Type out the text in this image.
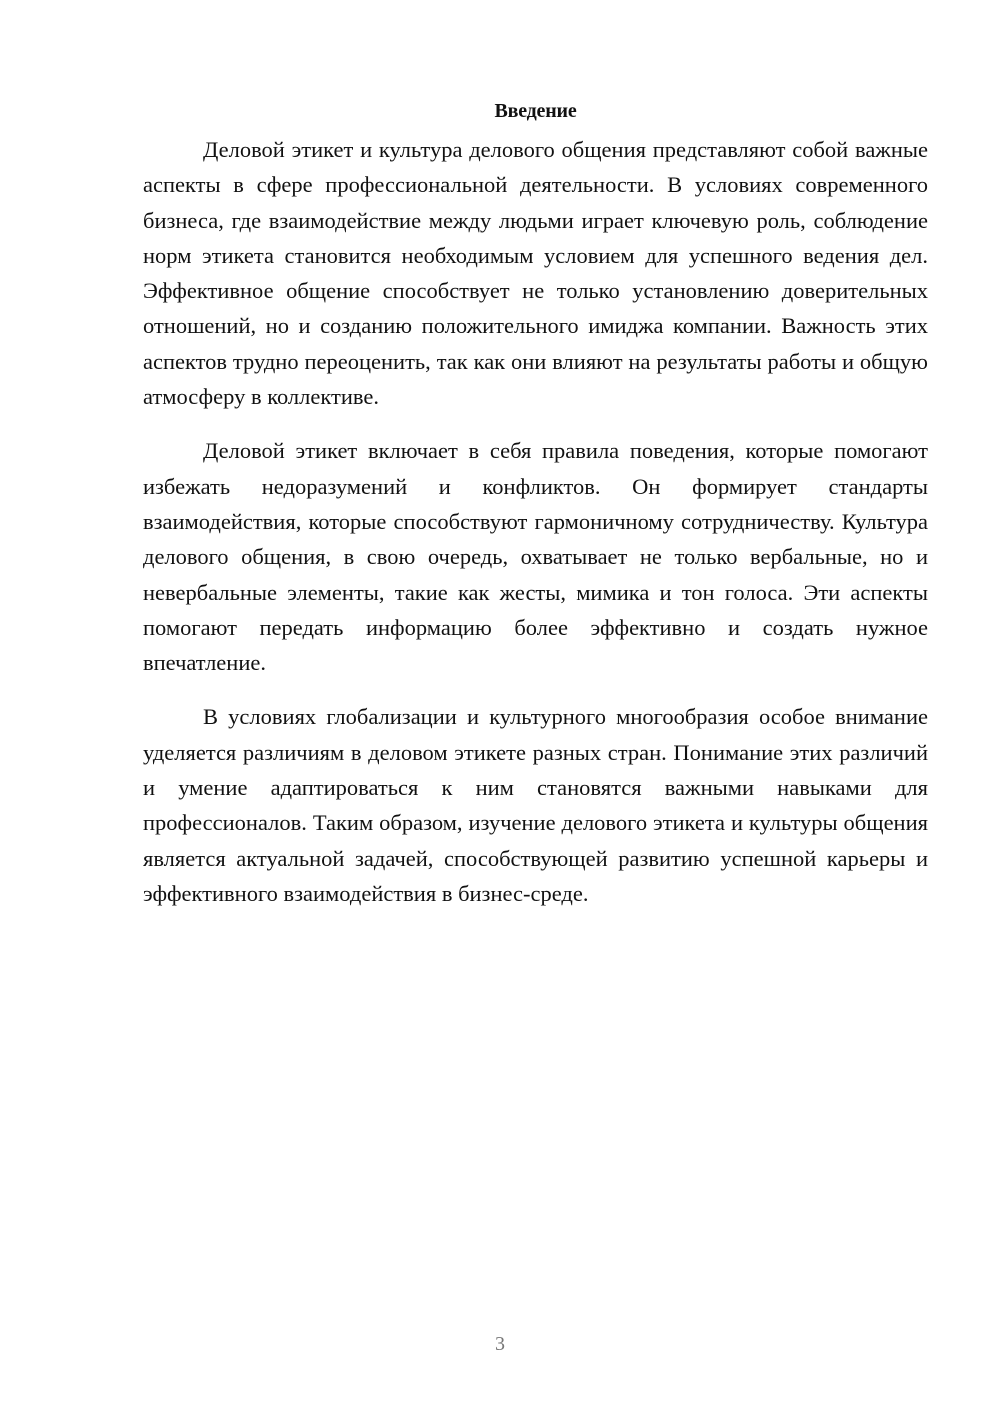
Введение

Деловой этикет и культура делового общения представляют собой важные аспекты в сфере профессиональной деятельности. В условиях современного бизнеса, где взаимодействие между людьми играет ключевую роль, соблюдение норм этикета становится необходимым условием для успешного ведения дел. Эффективное общение способствует не только установлению доверительных отношений, но и созданию положительного имиджа компании. Важность этих аспектов трудно переоценить, так как они влияют на результаты работы и общую атмосферу в коллективе.

Деловой этикет включает в себя правила поведения, которые помогают избежать недоразумений и конфликтов. Он формирует стандарты взаимодействия, которые способствуют гармоничному сотрудничеству. Культура делового общения, в свою очередь, охватывает не только вербальные, но и невербальные элементы, такие как жесты, мимика и тон голоса. Эти аспекты помогают передать информацию более эффективно и создать нужное впечатление.

В условиях глобализации и культурного многообразия особое внимание уделяется различиям в деловом этикете разных стран. Понимание этих различий и умение адаптироваться к ним становятся важными навыками для профессионалов. Таким образом, изучение делового этикета и культуры общения является актуальной задачей, способствующей развитию успешной карьеры и эффективного взаимодействия в бизнес-среде.

3
